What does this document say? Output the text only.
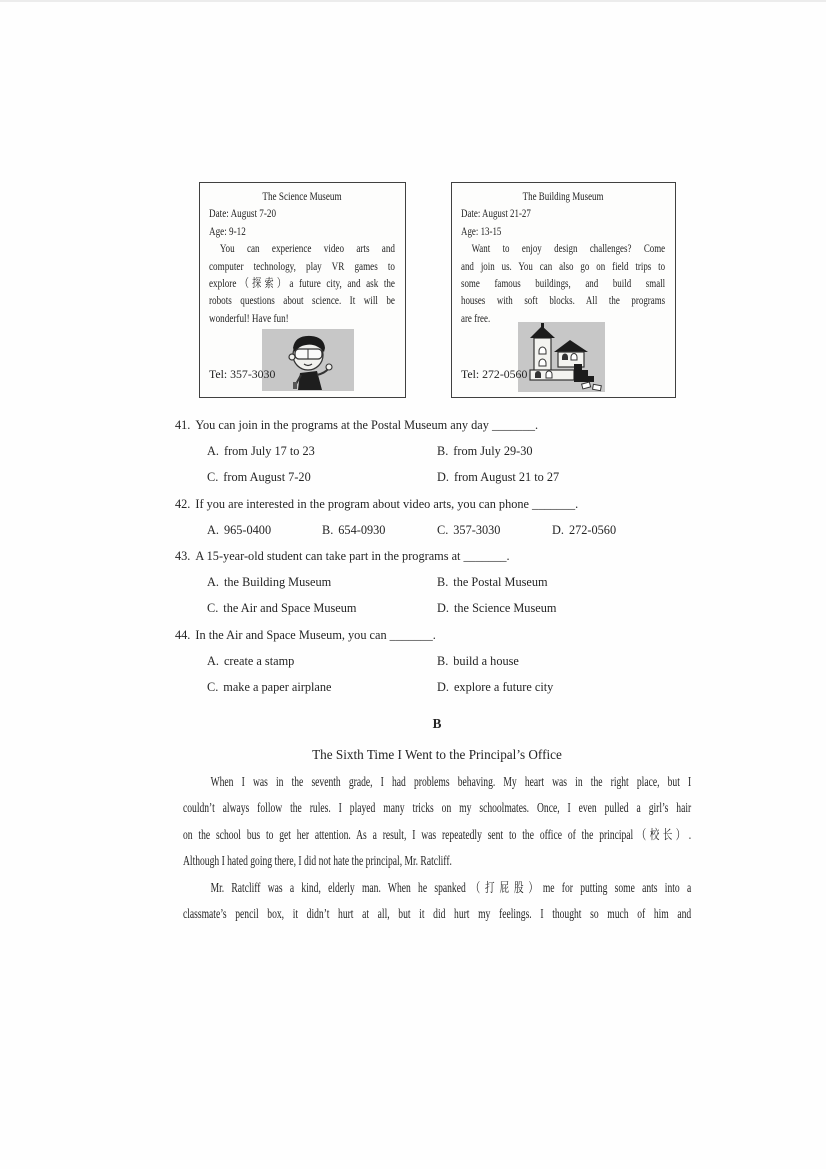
The Science Museum
Date: August 7-20
Age: 9-12
You can experience video arts and
computer technology, play VR games to
explore（探索）a future city, and ask the
robots questions about science. It will be
wonderful! Have fun!
Tel: 357-3030
The Building Museum
Date: August 21-27
Age: 13-15
Want to enjoy design challenges? Come
and join us. You can also go on field trips to
some famous buildings, and build small
houses with soft blocks. All the programs
are free.
Tel: 272-0560
41. You can join in the programs at the Postal Museum any day _______.
A. from July 17 to 23	B. from July 29-30
C. from August 7-20	D. from August 21 to 27
42. If you are interested in the program about video arts, you can phone _______.
A. 965-0400	B. 654-0930	C. 357-3030	D. 272-0560
43. A 15-year-old student can take part in the programs at _______.
A. the Building Museum	B. the Postal Museum
C. the Air and Space Museum	D. the Science Museum
44. In the Air and Space Museum, you can _______.
A. create a stamp	B. build a house
C. make a paper airplane	D. explore a future city
B
The Sixth Time I Went to the Principal’s Office
When I was in the seventh grade, I had problems behaving. My heart was in the right place, but I
couldn’t always follow the rules. I played many tricks on my schoolmates. Once, I even pulled a girl’s hair
on the school bus to get her attention. As a result, I was repeatedly sent to the office of the principal（校长）.
Although I hated going there, I did not hate the principal, Mr. Ratcliff.
Mr. Ratcliff was a kind, elderly man. When he spanked（打屁股）me for putting some ants into a
classmate’s pencil box, it didn’t hurt at all, but it did hurt my feelings. I thought so much of him and
